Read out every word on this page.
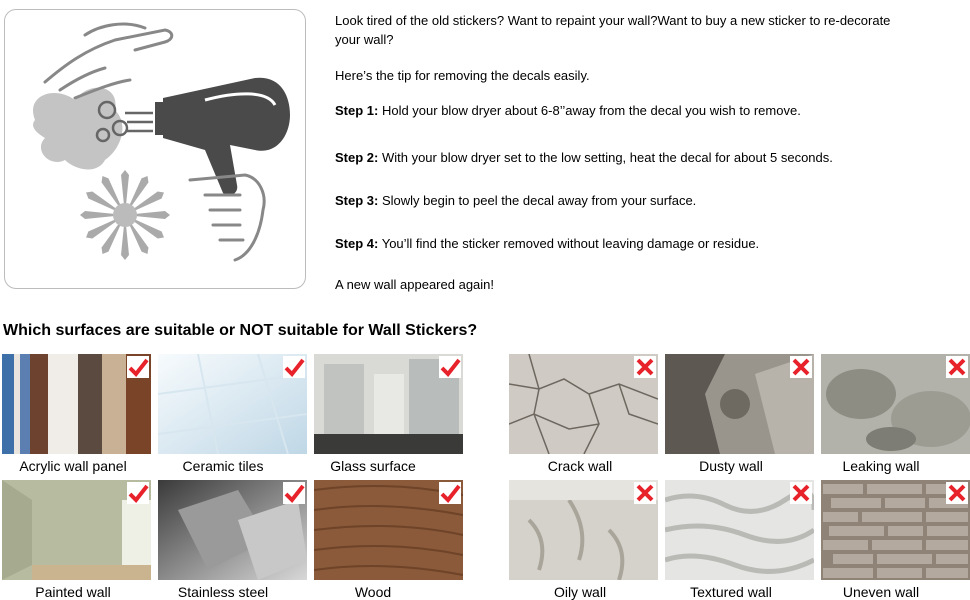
Look tired of the old stickers? Want to repaint your wall?Want to buy a new sticker to re-decorate
your wall?
Here’s the tip for removing the decals easily.
Step 1: Hold your blow dryer about 6-8’’away from the decal you wish to remove.
Step 2: With your blow dryer set to the low setting, heat the decal for about 5 seconds.
Step 3: Slowly begin to peel the decal away from your surface.
Step 4: You’ll find the sticker removed without leaving damage or residue.
A new wall appeared again!
Which surfaces are suitable or NOT suitable for Wall Stickers?
Acrylic wall panel	Ceramic tiles	Glass surface	Crack wall	Dusty wall	Leaking wall
Painted wall	Stainless steel	Wood	Oily wall	Textured wall	Uneven wall
